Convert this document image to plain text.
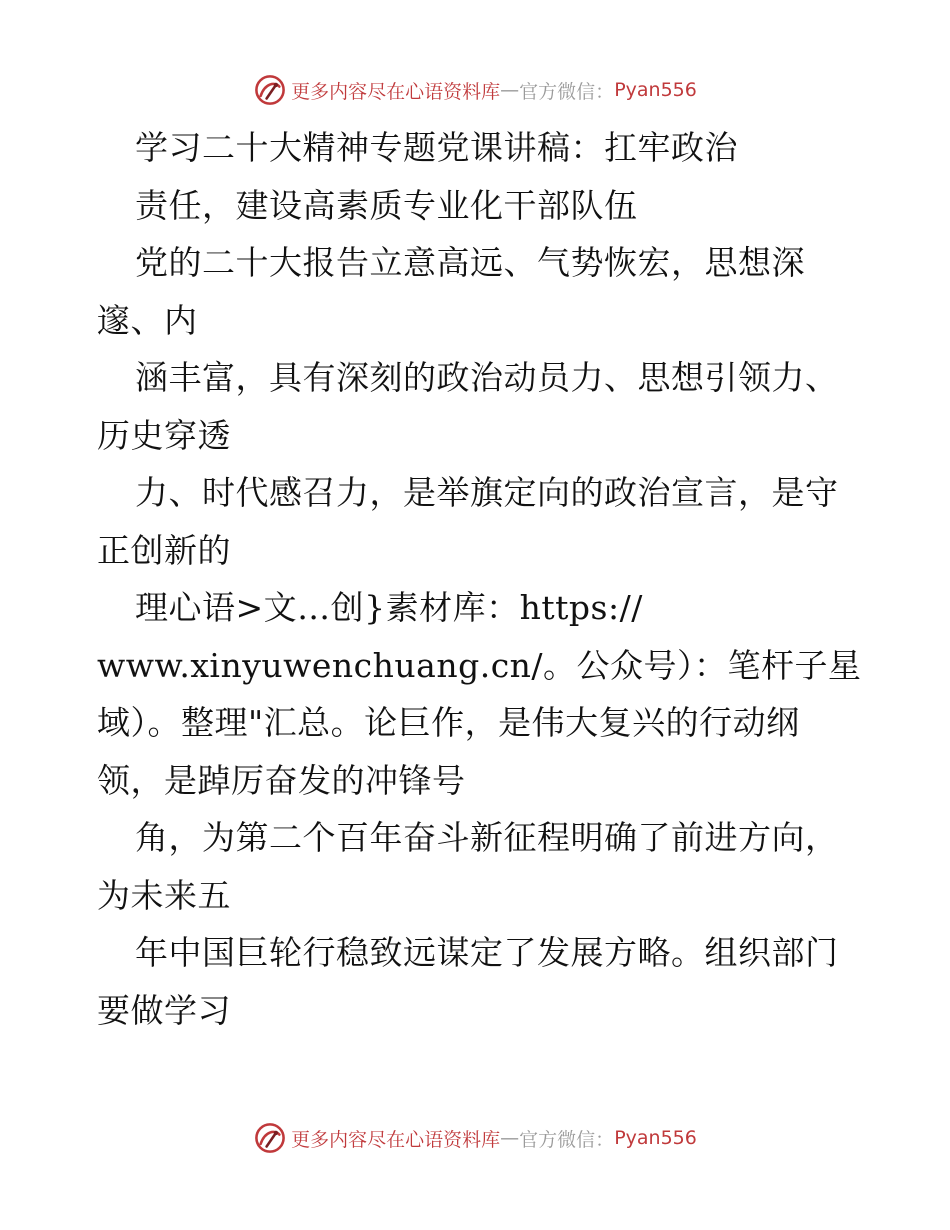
更多内容尽在心语资料库 — 官方微信： Pyan556
学习二十大精神专题党课讲稿：扛牢政治
责任，建设高素质专业化干部队伍
党的二十大报告立意高远、气势恢宏，思想深
邃、内
涵丰富，具有深刻的政治动员力、思想引领力、
历史穿透
力、时代感召力，是举旗定向的政治宣言，是守
正创新的
理心语>文…创}素材库：https://
www.xinyuwenchuang.cn/。公众号）：笔杆子星
域）。整理"汇总。论巨作，是伟大复兴的行动纲
领，是踔厉奋发的冲锋号
角，为第二个百年奋斗新征程明确了前进方向，
为未来五
年中国巨轮行稳致远谋定了发展方略。组织部门
要做学习
更多内容尽在心语资料库 — 官方微信： Pyan556
